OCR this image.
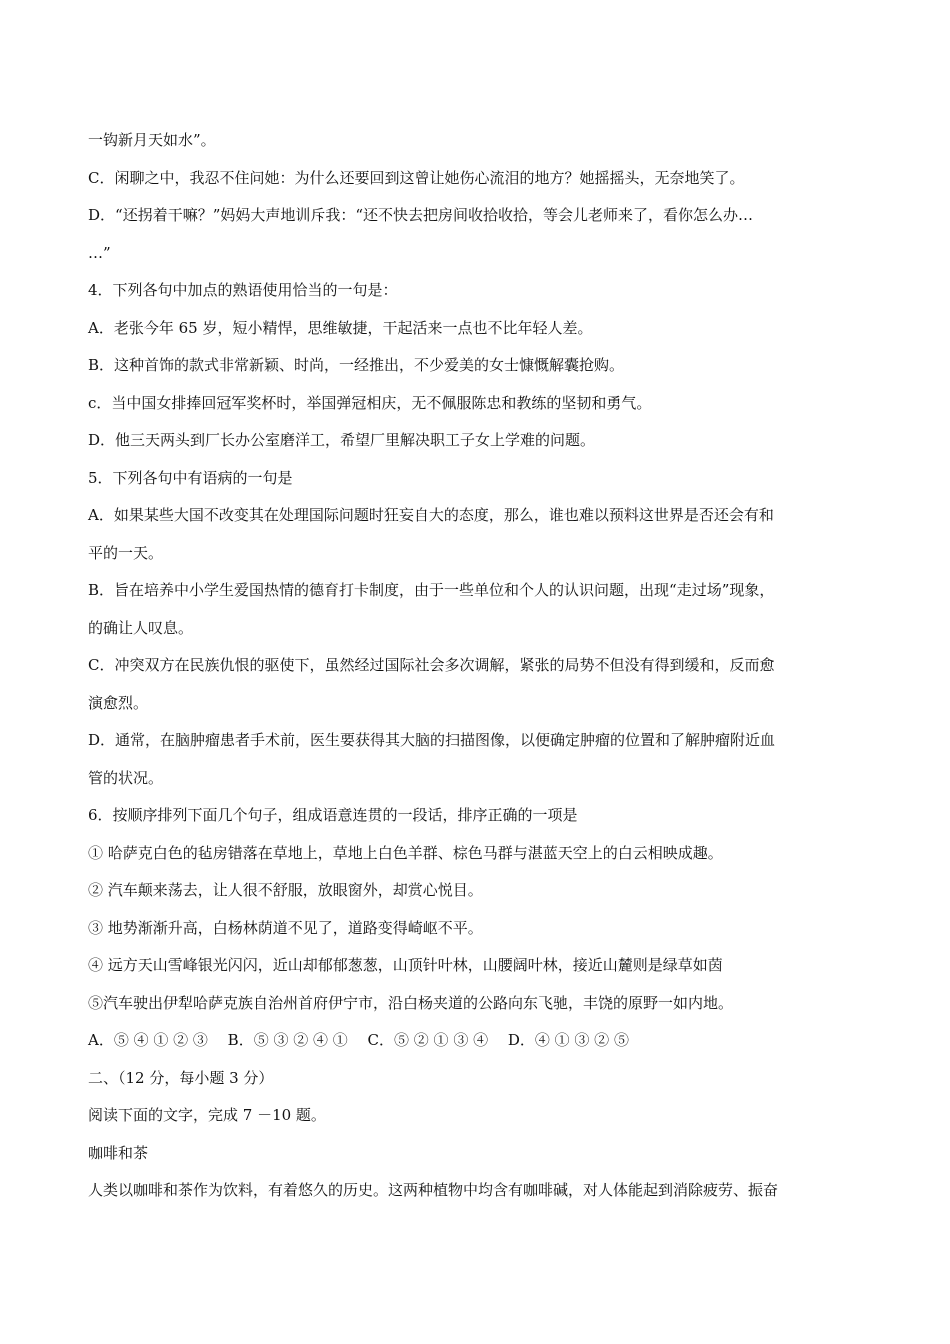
一钩新月天如水”。

C．闲聊之中，我忍不住问她：为什么还要回到这曾让她伤心流泪的地方？她摇摇头，无奈地笑了。

D．“还拐着干嘛？”妈妈大声地训斥我：“还不快去把房间收拾收拾，等会儿老师来了，看你怎么办…

…”

4．下列各句中加点的熟语使用恰当的一句是：

A．老张今年 65 岁，短小精悍，思维敏捷，干起活来一点也不比年轻人差。

B．这种首饰的款式非常新颖、时尚，一经推出，不少爱美的女士慷慨解囊抢购。

c．当中国女排捧回冠军奖杯时，举国弹冠相庆，无不佩服陈忠和教练的坚韧和勇气。

D．他三天两头到厂长办公室磨洋工，希望厂里解决职工子女上学难的问题。

5．下列各句中有语病的一句是

A．如果某些大国不改变其在处理国际问题时狂妄自大的态度，那么，谁也难以预料这世界是否还会有和

平的一天。

B．旨在培养中小学生爱国热情的德育打卡制度，由于一些单位和个人的认识问题，出现“走过场”现象，

的确让人叹息。

C．冲突双方在民族仇恨的驱使下，虽然经过国际社会多次调解，紧张的局势不但没有得到缓和，反而愈

演愈烈。

D．通常，在脑肿瘤患者手术前，医生要获得其大脑的扫描图像，以便确定肿瘤的位置和了解肿瘤附近血

管的状况。

6．按顺序排列下面几个句子，组成语意连贯的一段话，排序正确的一项是

① 哈萨克白色的毡房错落在草地上，草地上白色羊群、棕色马群与湛蓝天空上的白云相映成趣。

② 汽车颠来荡去，让人很不舒服，放眼窗外，却赏心悦目。

③ 地势渐渐升高，白杨林荫道不见了，道路变得崎岖不平。

④ 远方天山雪峰银光闪闪，近山却郁郁葱葱，山顶针叶林，山腰阔叶林，接近山麓则是绿草如茵

⑤汽车驶出伊犁哈萨克族自治州首府伊宁市，沿白杨夹道的公路向东飞驰，丰饶的原野一如内地。

A．⑤ ④ ① ② ③　 B．⑤ ③ ② ④ ①　 C．⑤ ② ① ③ ④　 D．④ ① ③ ② ⑤

二、（12 分，每小题 3 分）

阅读下面的文字，完成 7 －10 题。

咖啡和茶

人类以咖啡和茶作为饮料，有着悠久的历史。这两种植物中均含有咖啡碱，对人体能起到消除疲劳、振奋
